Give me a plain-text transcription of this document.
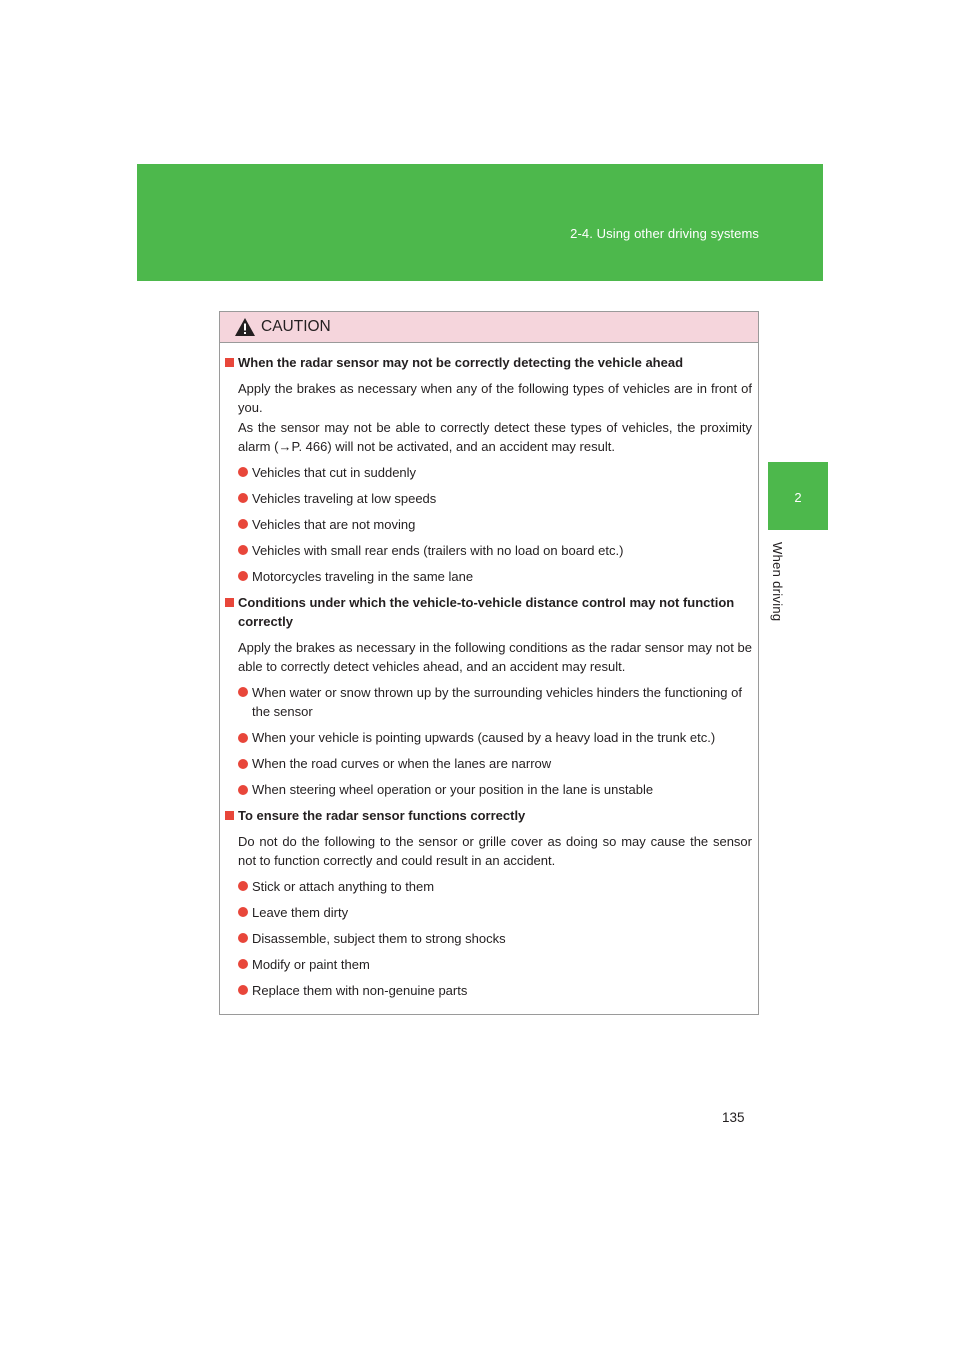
2-4. Using other driving systems
2
When driving
CAUTION
When the radar sensor may not be correctly detecting the vehicle ahead
Apply the brakes as necessary when any of the following types of vehicles are in front of you.
As the sensor may not be able to correctly detect these types of vehicles, the proximity alarm (→P. 466) will not be activated, and an accident may result.
Vehicles that cut in suddenly
Vehicles traveling at low speeds
Vehicles that are not moving
Vehicles with small rear ends (trailers with no load on board etc.)
Motorcycles traveling in the same lane
Conditions under which the vehicle-to-vehicle distance control may not function correctly
Apply the brakes as necessary in the following conditions as the radar sensor may not be able to correctly detect vehicles ahead, and an accident may result.
When water or snow thrown up by the surrounding vehicles hinders the functioning of the sensor
When your vehicle is pointing upwards (caused by a heavy load in the trunk etc.)
When the road curves or when the lanes are narrow
When steering wheel operation or your position in the lane is unstable
To ensure the radar sensor functions correctly
Do not do the following to the sensor or grille cover as doing so may cause the sensor not to function correctly and could result in an accident.
Stick or attach anything to them
Leave them dirty
Disassemble, subject them to strong shocks
Modify or paint them
Replace them with non-genuine parts
135
